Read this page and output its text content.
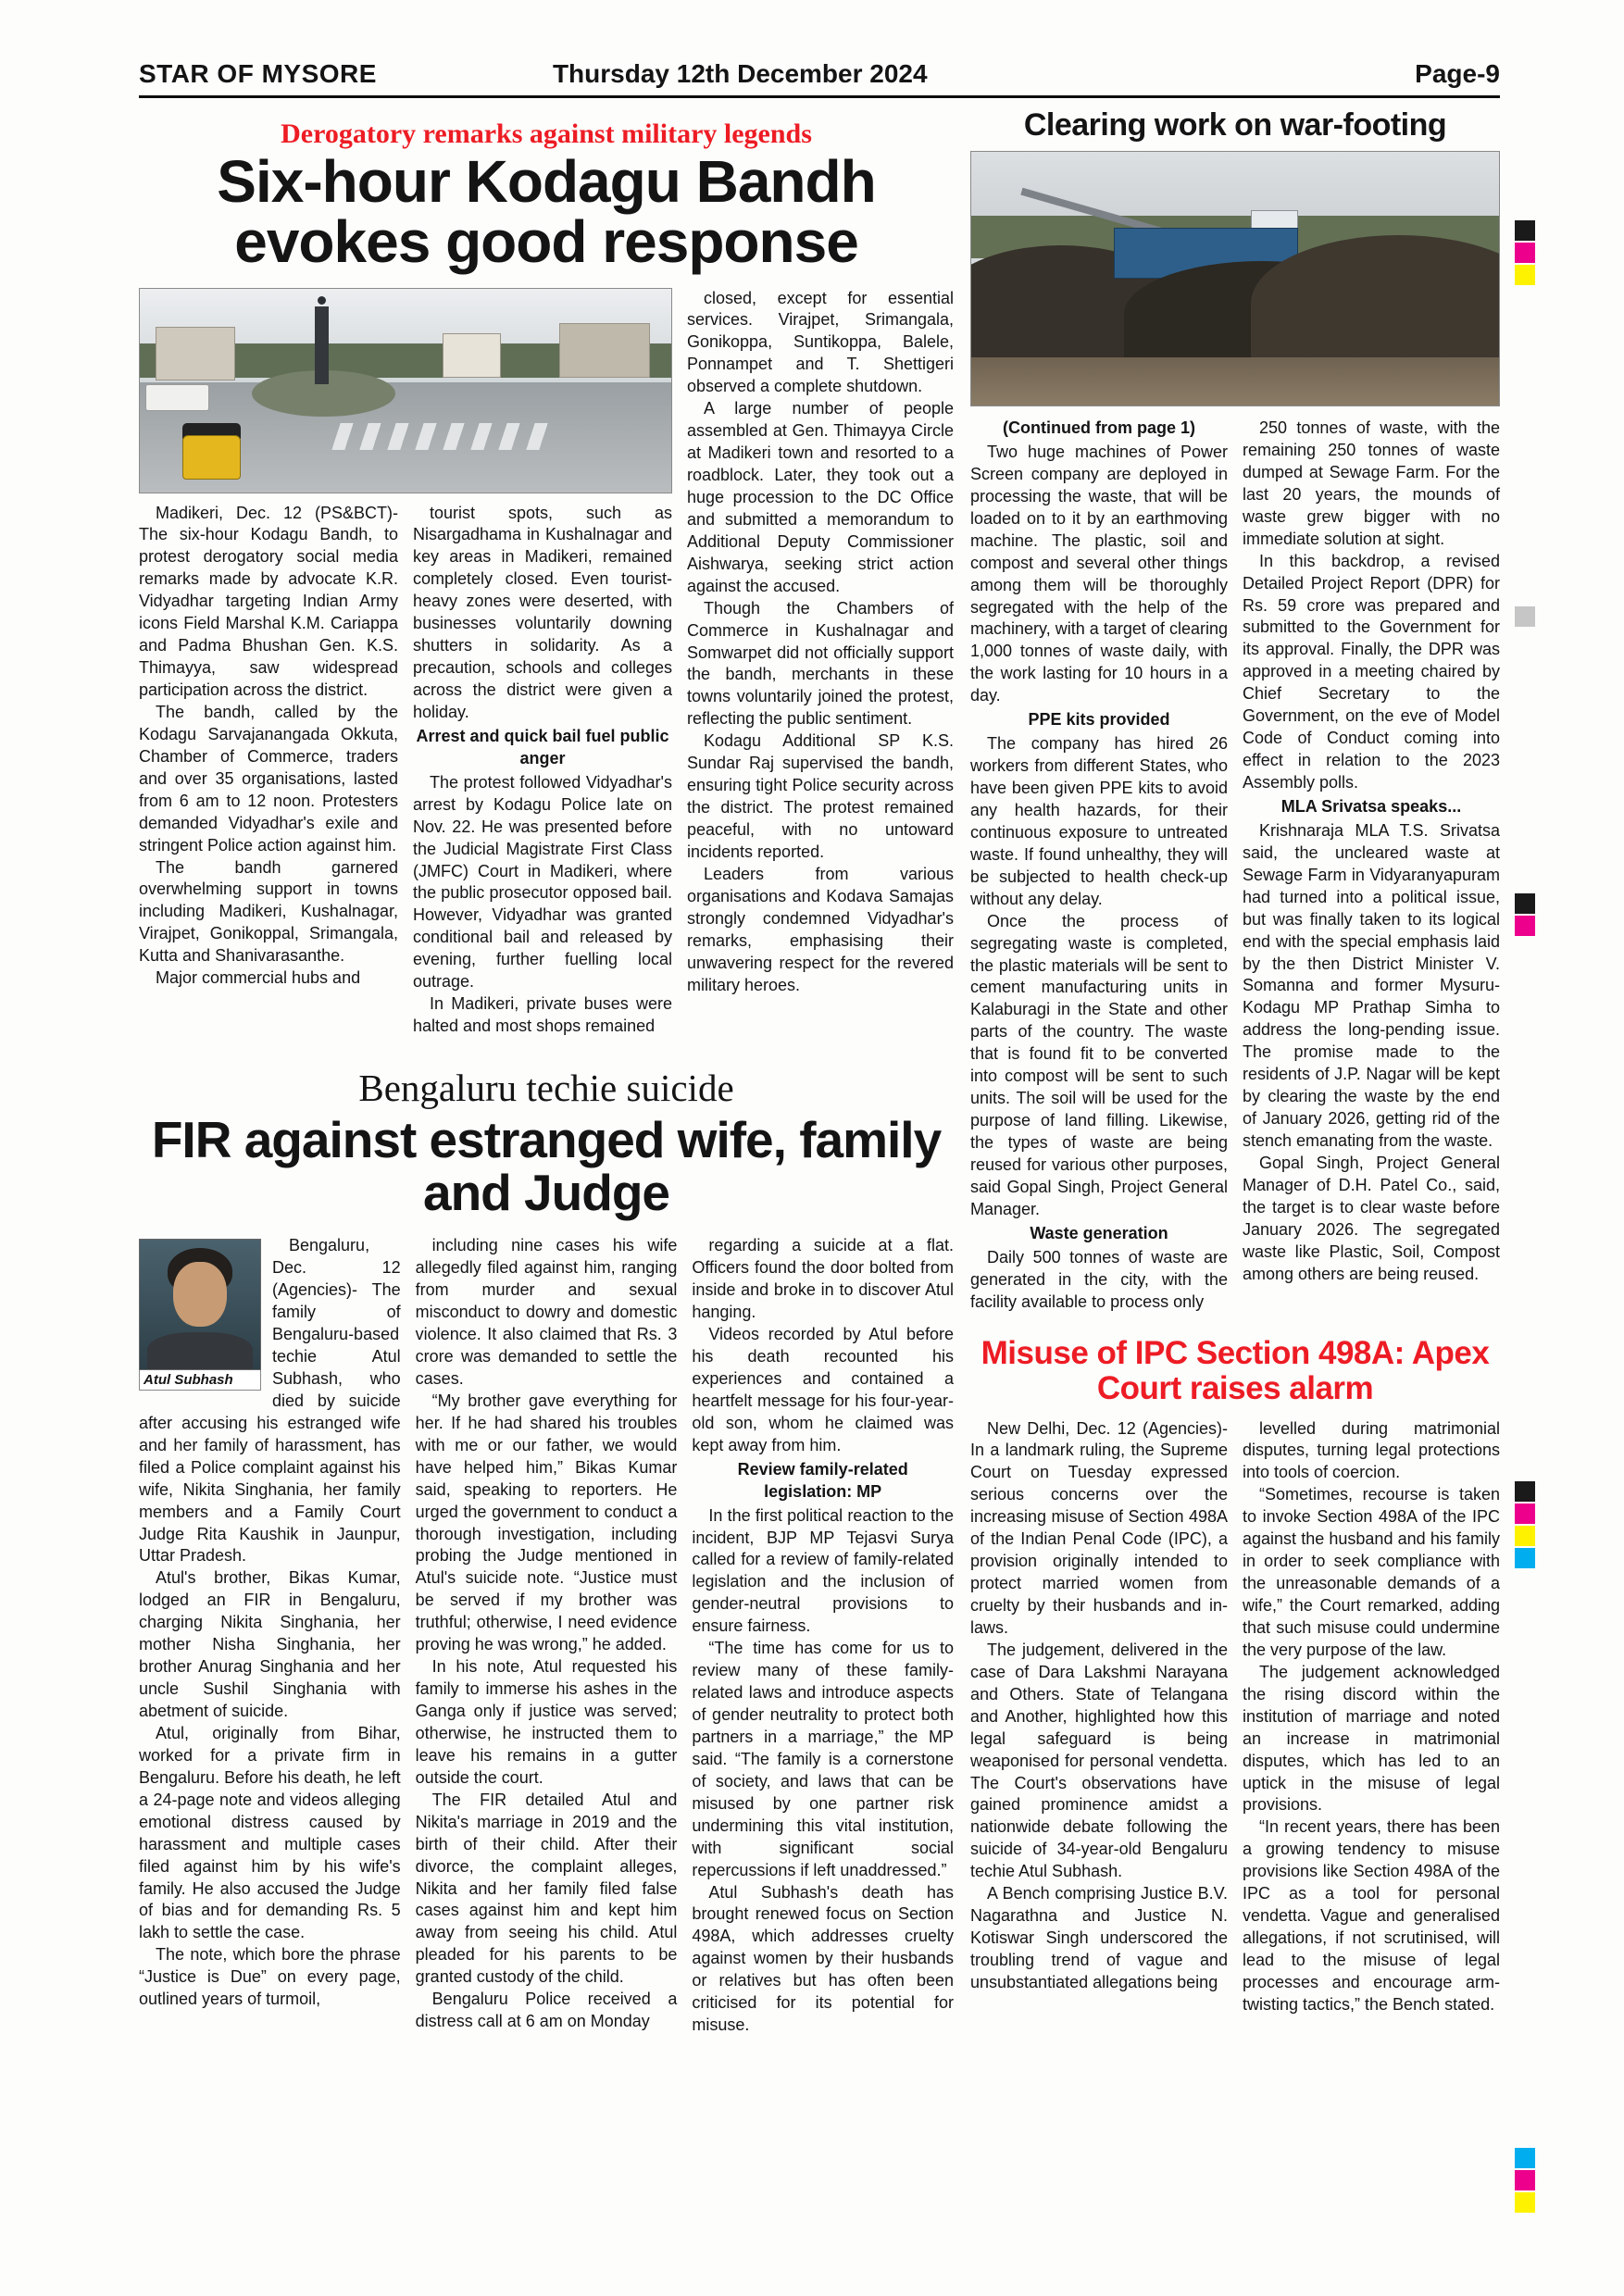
STAR OF MYSORE	Thursday 12th December 2024	Page-9
Derogatory remarks against military legends
Six-hour Kodagu Bandh evokes good response

Madikeri, Dec. 12 (PS&BCT)- The six-hour Kodagu Bandh, to protest derogatory social media remarks made by advocate K.R. Vidyadhar targeting Indian Army icons Field Marshal K.M. Cariappa and Padma Bhushan Gen. K.S. Thimayya, saw widespread participation across the district.

The bandh, called by the Kodagu Sarvajanangada Okkuta, Chamber of Commerce, traders and over 35 organisations, lasted from 6 am to 12 noon. Protesters demanded Vidyadhar's exile and stringent Police action against him.

The bandh garnered overwhelming support in towns including Madikeri, Kushalnagar, Virajpet, Gonikoppal, Srimangala, Kutta and Shanivarasanthe.

Major commercial hubs and

tourist spots, such as Nisargadhama in Kushalnagar and key areas in Madikeri, remained completely closed. Even tourist-heavy zones were deserted, with businesses voluntarily downing shutters in solidarity. As a precaution, schools and colleges across the district were given a holiday.

Arrest and quick bail fuel public anger

The protest followed Vidyadhar's arrest by Kodagu Police late on Nov. 22. He was presented before the Judicial Magistrate First Class (JMFC) Court in Madikeri, where the public prosecutor opposed bail. However, Vidyadhar was granted conditional bail and released by evening, further fuelling local outrage.

In Madikeri, private buses were halted and most shops remained

closed, except for essential services. Virajpet, Srimangala, Gonikoppa, Suntikoppa, Balele, Ponnampet and T. Shettigeri observed a complete shutdown.

A large number of people assembled at Gen. Thimayya Circle at Madikeri town and resorted to a roadblock. Later, they took out a huge procession to the DC Office and submitted a memorandum to Additional Deputy Commissioner Aishwarya, seeking strict action against the accused.

Though the Chambers of Commerce in Kushalnagar and Somwarpet did not officially support the bandh, merchants in these towns voluntarily joined the protest, reflecting the public sentiment.

Kodagu Additional SP K.S. Sundar Raj supervised the bandh, ensuring tight Police security across the district. The protest remained peaceful, with no untoward incidents reported.

Leaders from various organisations and Kodava Samajas strongly condemned Vidyadhar's remarks, emphasising their unwavering respect for the revered military heroes.

Bengaluru techie suicide
FIR against estranged wife, family and Judge
Atul Subhash

Bengaluru, Dec. 12 (Agencies)- The family of Bengaluru-based techie Atul Subhash, who died by suicide after accusing his estranged wife and her family of harassment, has filed a Police complaint against his wife, Nikita Singhania, her family members and a Family Court Judge Rita Kaushik in Jaunpur, Uttar Pradesh.

Atul's brother, Bikas Kumar, lodged an FIR in Bengaluru, charging Nikita Singhania, her mother Nisha Singhania, her brother Anurag Singhania and her uncle Sushil Singhania with abetment of suicide.

Atul, originally from Bihar, worked for a private firm in Bengaluru. Before his death, he left a 24-page note and videos alleging emotional distress caused by harassment and multiple cases filed against him by his wife's family. He also accused the Judge of bias and for demanding Rs. 5 lakh to settle the case.

The note, which bore the phrase “Justice is Due” on every page, outlined years of turmoil,

including nine cases his wife allegedly filed against him, ranging from murder and sexual misconduct to dowry and domestic violence. It also claimed that Rs. 3 crore was demanded to settle the cases.

“My brother gave everything for her. If he had shared his troubles with me or our father, we would have helped him,” Bikas Kumar said, speaking to reporters. He urged the government to conduct a thorough investigation, including probing the Judge mentioned in Atul's suicide note. “Justice must be served if my brother was truthful; otherwise, I need evidence proving he was wrong,” he added.

In his note, Atul requested his family to immerse his ashes in the Ganga only if justice was served; otherwise, he instructed them to leave his remains in a gutter outside the court.

The FIR detailed Atul and Nikita's marriage in 2019 and the birth of their child. After their divorce, the complaint alleges, Nikita and her family filed false cases against him and kept him away from seeing his child. Atul pleaded for his parents to be granted custody of the child.

Bengaluru Police received a distress call at 6 am on Monday

regarding a suicide at a flat. Officers found the door bolted from inside and broke in to discover Atul hanging.

Videos recorded by Atul before his death recounted his experiences and contained a heartfelt message for his four-year-old son, whom he claimed was kept away from him.

Review family-related legislation: MP

In the first political reaction to the incident, BJP MP Tejasvi Surya called for a review of family-related legislation and the inclusion of gender-neutral provisions to ensure fairness.

“The time has come for us to review many of these family-related laws and introduce aspects of gender neutrality to protect both partners in a marriage,” the MP said. “The family is a cornerstone of society, and laws that can be misused by one partner risk undermining this vital institution, with significant social repercussions if left unaddressed.”

Atul Subhash's death has brought renewed focus on Section 498A, which addresses cruelty against women by their husbands or relatives but has often been criticised for its potential for misuse.

Clearing work on war-footing

(Continued from page 1)

Two huge machines of Power Screen company are deployed in processing the waste, that will be loaded on to it by an earthmoving machine. The plastic, soil and compost and several other things among them will be thoroughly segregated with the help of the machinery, with a target of clearing 1,000 tonnes of waste daily, with the work lasting for 10 hours in a day.

PPE kits provided

The company has hired 26 workers from different States, who have been given PPE kits to avoid any health hazards, for their continuous exposure to untreated waste. If found unhealthy, they will be subjected to health check-up without any delay.

Once the process of segregating waste is completed, the plastic materials will be sent to cement manufacturing units in Kalaburagi in the State and other parts of the country. The waste that is found fit to be converted into compost will be sent to such units. The soil will be used for the purpose of land filling. Likewise, the types of waste are being reused for various other purposes, said Gopal Singh, Project General Manager.

Waste generation

Daily 500 tonnes of waste are generated in the city, with the facility available to process only

250 tonnes of waste, with the remaining 250 tonnes of waste dumped at Sewage Farm. For the last 20 years, the mounds of waste grew bigger with no immediate solution at sight.

In this backdrop, a revised Detailed Project Report (DPR) for Rs. 59 crore was prepared and submitted to the Government for its approval. Finally, the DPR was approved in a meeting chaired by Chief Secretary to the Government, on the eve of Model Code of Conduct coming into effect in relation to the 2023 Assembly polls.

MLA Srivatsa speaks...

Krishnaraja MLA T.S. Srivatsa said, the uncleared waste at Sewage Farm in Vidyaranyapuram had turned into a political issue, but was finally taken to its logical end with the special emphasis laid by the then District Minister V. Somanna and former Mysuru-Kodagu MP Prathap Simha to address the long-pending issue. The promise made to the residents of J.P. Nagar will be kept by clearing the waste by the end of January 2026, getting rid of the stench emanating from the waste.

Gopal Singh, Project General Manager of D.H. Patel Co., said, the target is to clear waste before January 2026. The segregated waste like Plastic, Soil, Compost among others are being reused.

Misuse of IPC Section 498A: Apex Court raises alarm

New Delhi, Dec. 12 (Agencies)- In a landmark ruling, the Supreme Court on Tuesday expressed serious concerns over the increasing misuse of Section 498A of the Indian Penal Code (IPC), a provision originally intended to protect married women from cruelty by their husbands and in-laws.

The judgement, delivered in the case of Dara Lakshmi Narayana and Others. State of Telangana and Another, highlighted how this legal safeguard is being weaponised for personal vendetta. The Court's observations have gained prominence amidst a nationwide debate following the suicide of 34-year-old Bengaluru techie Atul Subhash.

A Bench comprising Justice B.V. Nagarathna and Justice N. Kotiswar Singh underscored the troubling trend of vague and unsubstantiated allegations being

levelled during matrimonial disputes, turning legal protections into tools of coercion.

“Sometimes, recourse is taken to invoke Section 498A of the IPC against the husband and his family in order to seek compliance with the unreasonable demands of a wife,” the Court remarked, adding that such misuse could undermine the very purpose of the law.

The judgement acknowledged the rising discord within the institution of marriage and noted an increase in matrimonial disputes, which has led to an uptick in the misuse of legal provisions.

“In recent years, there has been a growing tendency to misuse provisions like Section 498A of the IPC as a tool for personal vendetta. Vague and generalised allegations, if not scrutinised, will lead to the misuse of legal processes and encourage arm-twisting tactics,” the Bench stated.
